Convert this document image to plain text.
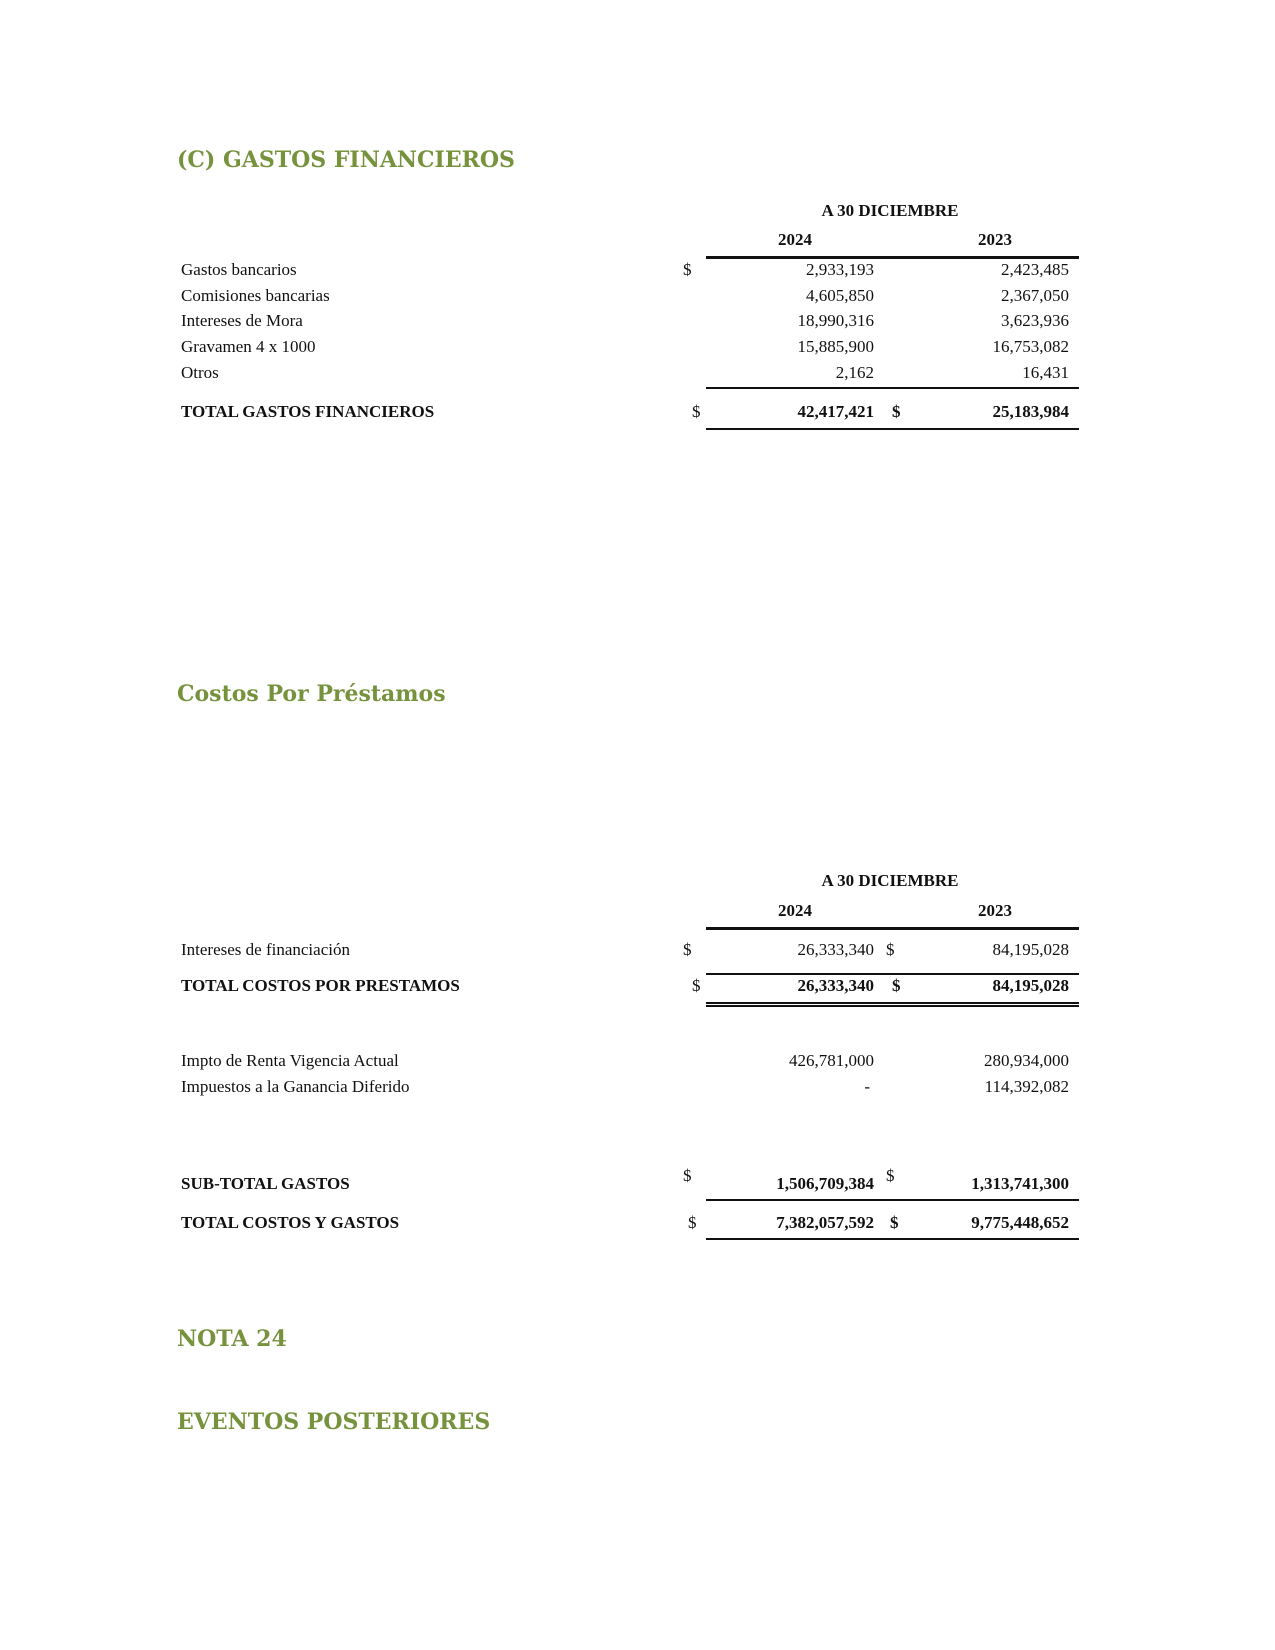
(C) GASTOS FINANCIEROS
A 30 DICIEMBRE
2024	2023
Gastos bancarios	$	2,933,193	2,423,485
Comisiones bancarias	4,605,850	2,367,050
Intereses de Mora	18,990,316	3,623,936
Gravamen 4 x 1000	15,885,900	16,753,082
Otros	2,162	16,431
TOTAL GASTOS FINANCIEROS	$	42,417,421 $	25,183,984
Costos Por Préstamos
A 30 DICIEMBRE
2024	2023
Intereses de financiación	$	26,333,340 $	84,195,028
TOTAL COSTOS POR PRESTAMOS	$	26,333,340 $	84,195,028
Impto de Renta Vigencia Actual	426,781,000	280,934,000
Impuestos a la Ganancia Diferido	-	114,392,082
SUB-TOTAL GASTOS	$	1,506,709,384 $	1,313,741,300
TOTAL COSTOS Y GASTOS	$	7,382,057,592 $	9,775,448,652
NOTA 24
EVENTOS POSTERIORES
